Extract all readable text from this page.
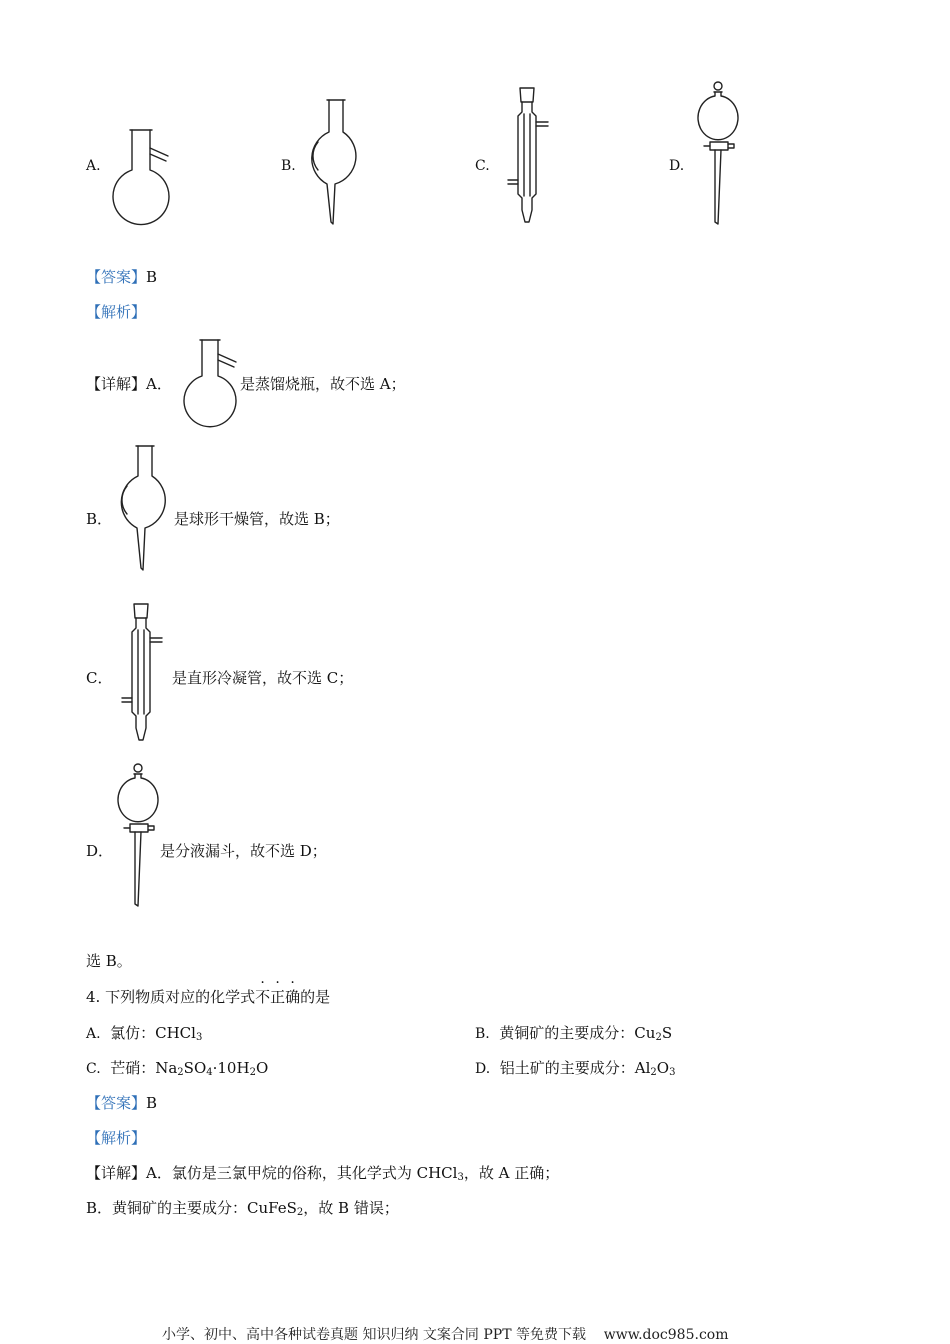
A.	B.	C.	D.
【答案】B
【解析】
【详解】A．	是蒸馏烧瓶，故不选 A；
B．	是球形干燥管，故选 B；
C．	是直形冷凝管，故不选 C；
D．	是分液漏斗，故不选 D；
选 B。
4. 下列物质对应的化学式不正确的是
A. 氯仿：CHCl$_3$	B. 黄铜矿的主要成分：$Cu_2S$
C. 芒硝：$Na_2SO_4\cdot 10H_2O$	D. 铝土矿的主要成分：$Al_2O_3$
【答案】B
【解析】
【详解】A．氯仿是三氯甲烷的俗称，其化学式为 CHCl$_3$，故 A 正确；
B．黄铜矿的主要成分：CuFeS$_2$，故 B 错误；
小学、初中、高中各种试卷真题 知识归纳 文案合同 PPT 等免费下载 www.doc985.com
